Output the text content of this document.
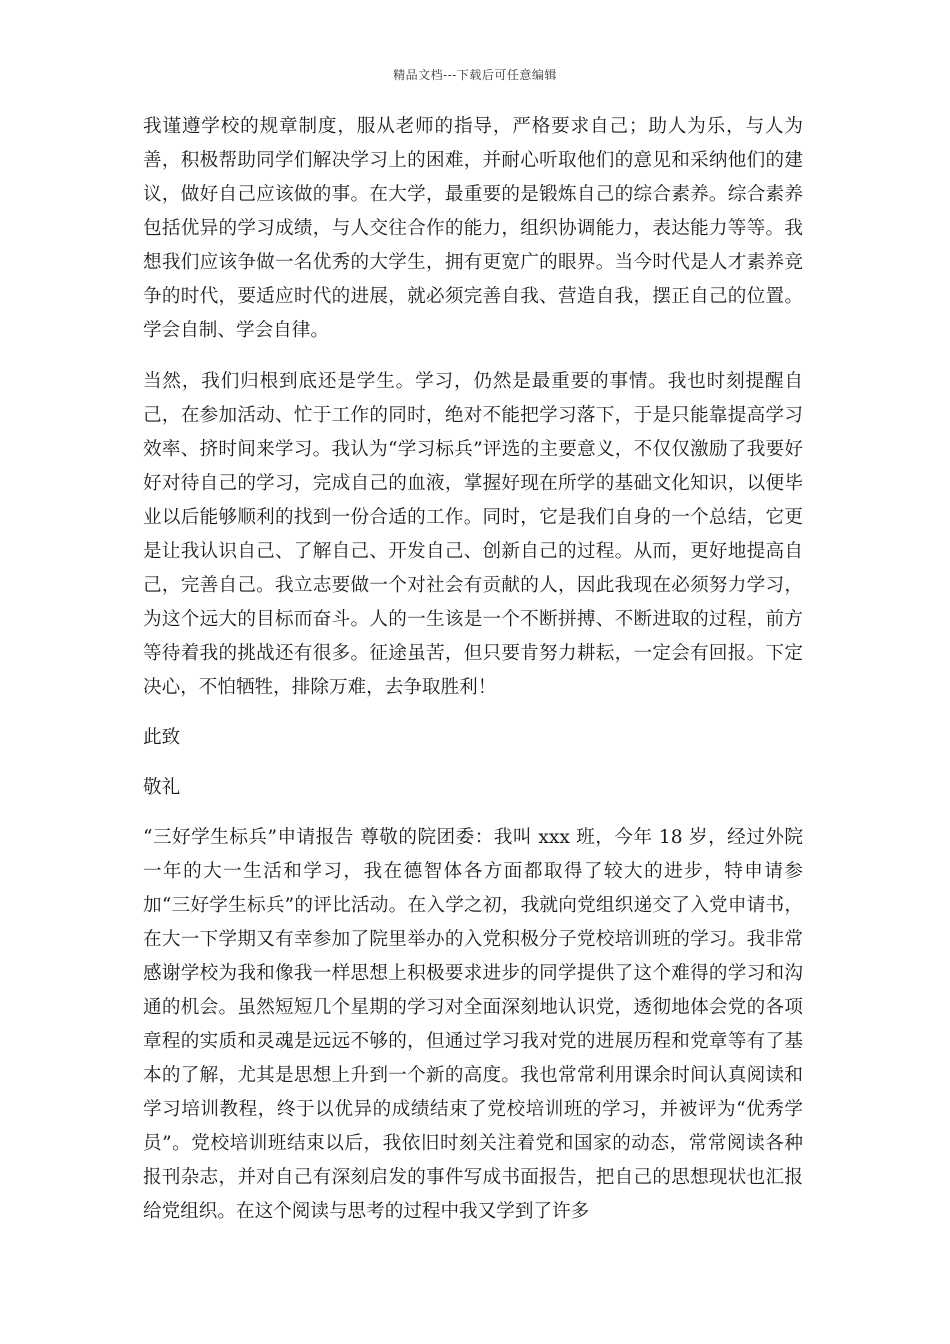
精品文档---下载后可任意编辑

我谨遵学校的规章制度，服从老师的指导，严格要求自己；助人为乐，与人为善，积极帮助同学们解决学习上的困难，并耐心听取他们的意见和采纳他们的建议，做好自己应该做的事。在大学，最重要的是锻炼自己的综合素养。综合素养包括优异的学习成绩，与人交往合作的能力，组织协调能力，表达能力等等。我想我们应该争做一名优秀的大学生，拥有更宽广的眼界。当今时代是人才素养竞争的时代，要适应时代的进展，就必须完善自我、营造自我，摆正自己的位置。学会自制、学会自律。

当然，我们归根到底还是学生。学习，仍然是最重要的事情。我也时刻提醒自己，在参加活动、忙于工作的同时，绝对不能把学习落下，于是只能靠提高学习效率、挤时间来学习。我认为“学习标兵”评选的主要意义，不仅仅激励了我要好好对待自己的学习，完成自己的血液，掌握好现在所学的基础文化知识，以便毕业以后能够顺利的找到一份合适的工作。同时，它是我们自身的一个总结，它更是让我认识自己、了解自己、开发自己、创新自己的过程。从而，更好地提高自己，完善自己。我立志要做一个对社会有贡献的人，因此我现在必须努力学习，为这个远大的目标而奋斗。人的一生该是一个不断拼搏、不断进取的过程，前方等待着我的挑战还有很多。征途虽苦，但只要肯努力耕耘，一定会有回报。下定决心，不怕牺牲，排除万难，去争取胜利！

此致

敬礼

“三好学生标兵”申请报告 尊敬的院团委：我叫 xxx 班，今年 18 岁，经过外院一年的大一生活和学习，我在德智体各方面都取得了较大的进步，特申请参加“三好学生标兵”的评比活动。在入学之初，我就向党组织递交了入党申请书，在大一下学期又有幸参加了院里举办的入党积极分子党校培训班的学习。我非常感谢学校为我和像我一样思想上积极要求进步的同学提供了这个难得的学习和沟通的机会。虽然短短几个星期的学习对全面深刻地认识党，透彻地体会党的各项章程的实质和灵魂是远远不够的，但通过学习我对党的进展历程和党章等有了基本的了解，尤其是思想上升到一个新的高度。我也常常利用课余时间认真阅读和学习培训教程，终于以优异的成绩结束了党校培训班的学习，并被评为“优秀学员”。党校培训班结束以后，我依旧时刻关注着党和国家的动态，常常阅读各种报刊杂志，并对自己有深刻启发的事件写成书面报告，把自己的思想现状也汇报给党组织。在这个阅读与思考的过程中我又学到了许多
